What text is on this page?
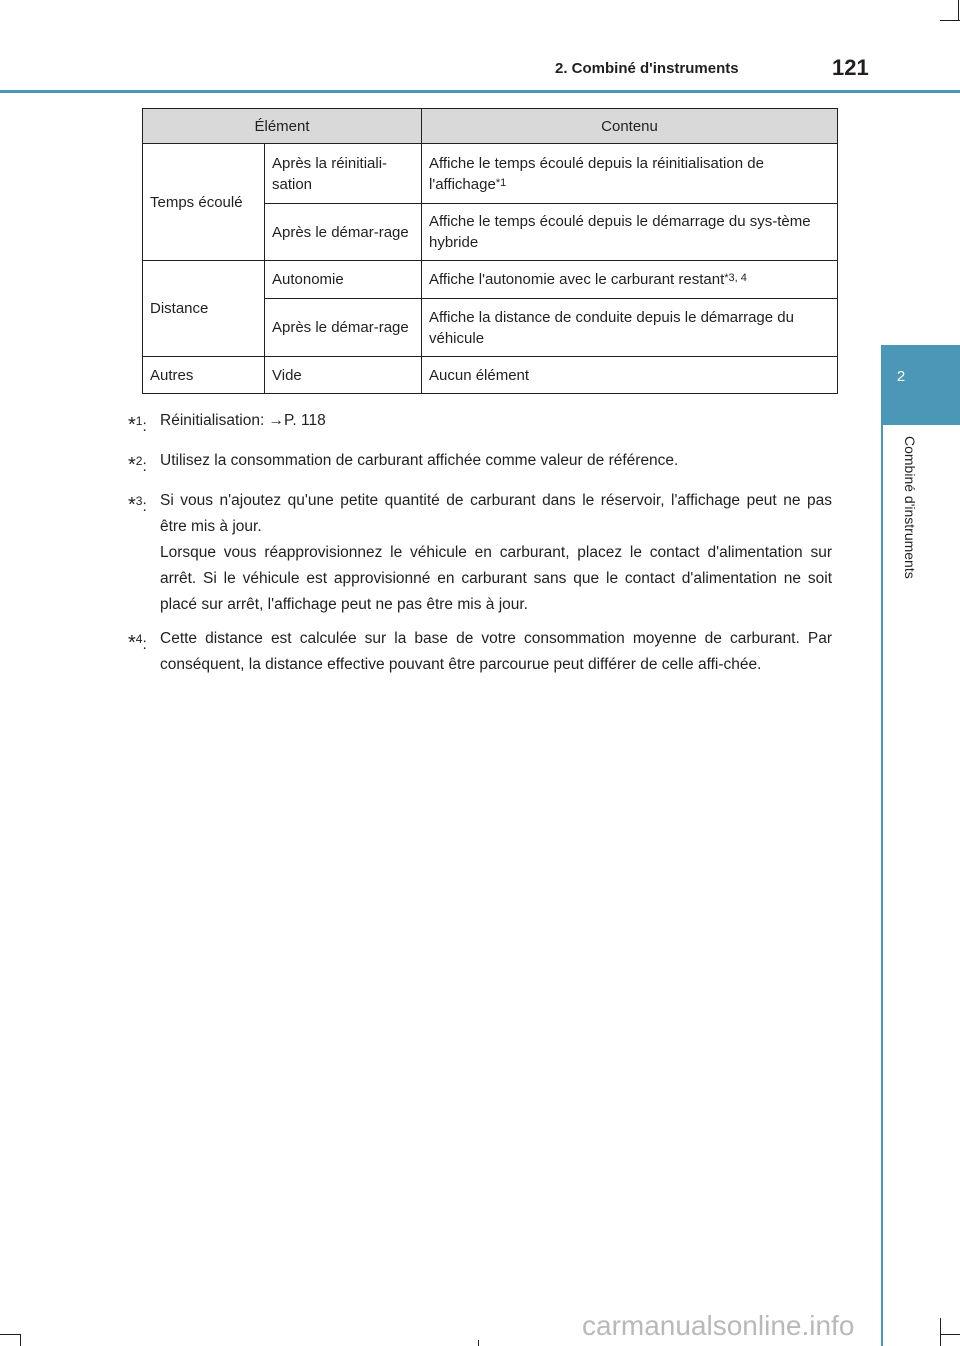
2. Combiné d'instruments	121
2
Combiné d'instruments
Élément		Contenu
Temps écoulé	Après la réinitiali-sation	Affiche le temps écoulé depuis la réinitialisation de l'affichage$^{*1}$
	Après le démar-rage	Affiche le temps écoulé depuis le démarrage du sys-tème hybride
Distance	Autonomie	Affiche l'autonomie avec le carburant restant$^{*3, 4}$
	Après le démar-rage	Affiche la distance de conduite depuis le démarrage du véhicule
Autres	Vide	Aucun élément
*$^1$: Réinitialisation: →P. 118
*$^2$: Utilisez la consommation de carburant affichée comme valeur de référence.
*$^3$: Si vous n'ajoutez qu'une petite quantité de carburant dans le réservoir, l'affichage peut ne pas être mis à jour.
Lorsque vous réapprovisionnez le véhicule en carburant, placez le contact d'alimentation sur arrêt. Si le véhicule est approvisionné en carburant sans que le contact d'alimentation ne soit placé sur arrêt, l'affichage peut ne pas être mis à jour.
*$^4$: Cette distance est calculée sur la base de votre consommation moyenne de carburant. Par conséquent, la distance effective pouvant être parcourue peut différer de celle affi-chée.
carmanualsonline.info
